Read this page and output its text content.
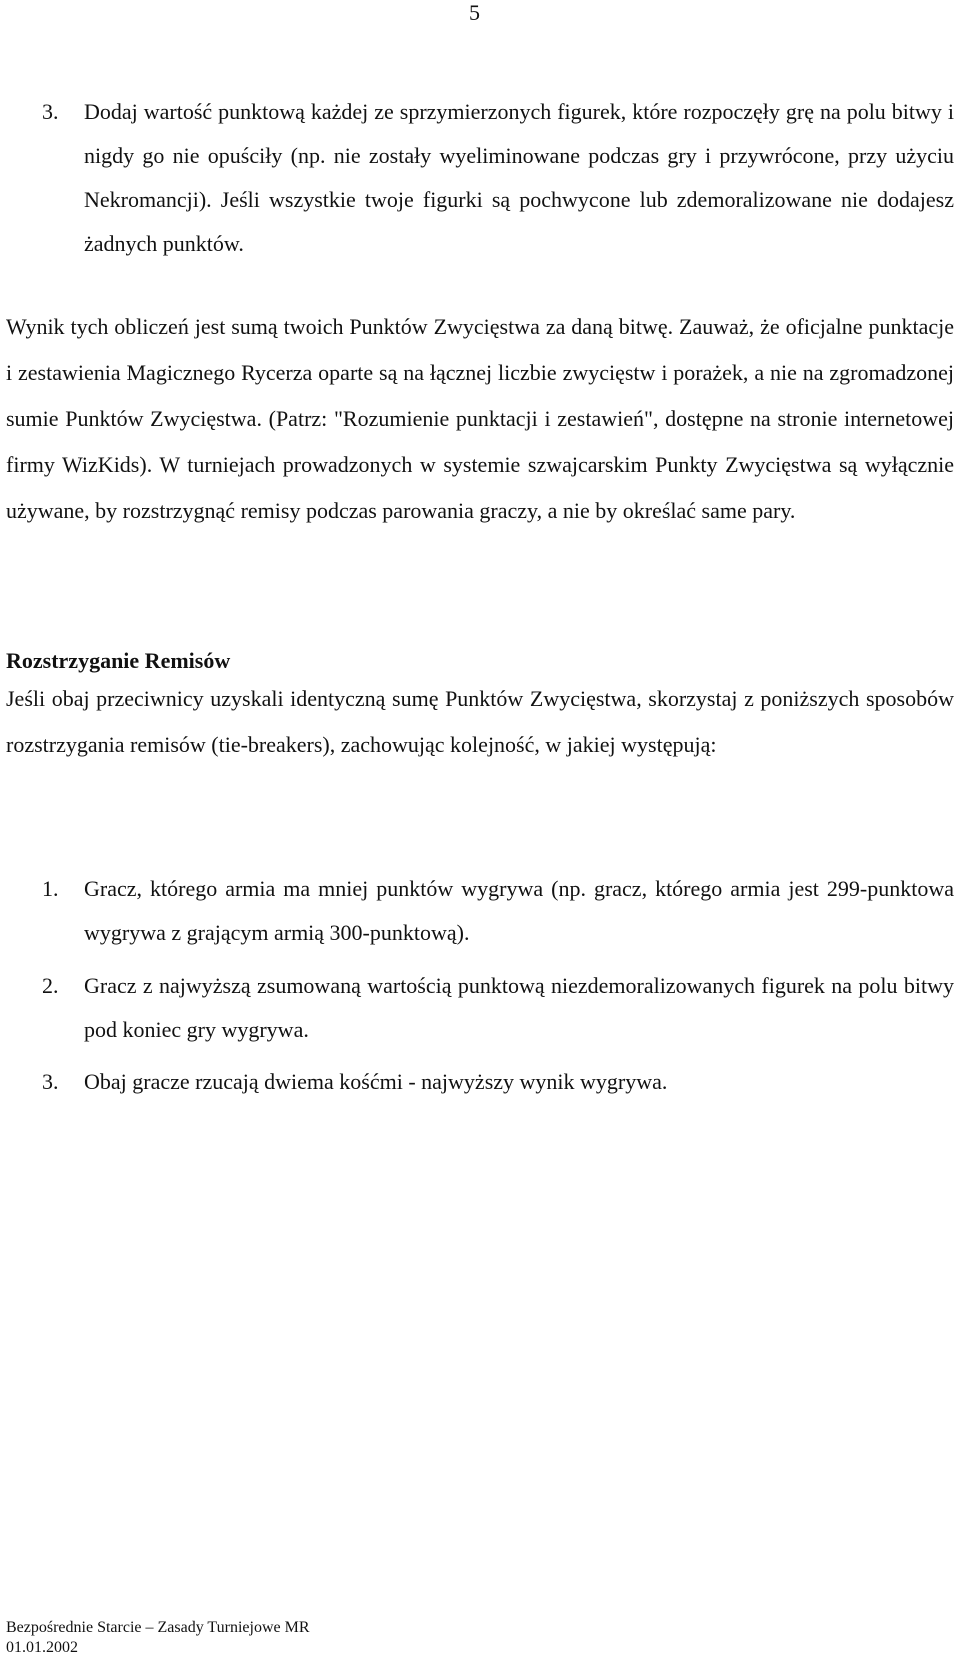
5
3.	Dodaj wartość punktową każdej ze sprzymierzonych figurek, które rozpoczęły grę na polu bitwy i nigdy go nie opuściły (np. nie zostały wyeliminowane podczas gry i przywrócone, przy użyciu Nekromancji). Jeśli wszystkie twoje figurki są pochwycone lub zdemoralizowane nie dodajesz żadnych punktów.
Wynik tych obliczeń jest sumą twoich Punktów Zwycięstwa za daną bitwę. Zauważ, że oficjalne punktacje i zestawienia Magicznego Rycerza oparte są na łącznej liczbie zwycięstw i porażek, a nie na zgromadzonej sumie Punktów Zwycięstwa. (Patrz: "Rozumienie punktacji i zestawień", dostępne na stronie internetowej firmy WizKids). W turniejach prowadzonych w systemie szwajcarskim Punkty Zwycięstwa są wyłącznie używane, by rozstrzygnąć remisy podczas parowania graczy, a nie by określać same pary.
Rozstrzyganie Remisów
Jeśli obaj przeciwnicy uzyskali identyczną sumę Punktów Zwycięstwa, skorzystaj z poniższych sposobów rozstrzygania remisów (tie-breakers), zachowując kolejność, w jakiej występują:
1.	Gracz, którego armia ma mniej punktów wygrywa (np. gracz, którego armia jest 299-punktowa wygrywa z grającym armią 300-punktową).
2.	Gracz z najwyższą zsumowaną wartością punktową niezdemoralizowanych figurek na polu bitwy pod koniec gry wygrywa.
3.	Obaj gracze rzucają dwiema kośćmi - najwyższy wynik wygrywa.
Bezpośrednie Starcie – Zasady Turniejowe MR
01.01.2002
